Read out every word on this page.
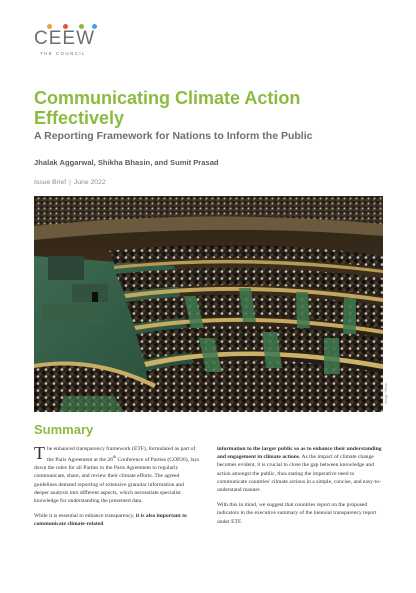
CEEW
THE COUNCIL
Communicating Climate Action Effectively
A Reporting Framework for Nations to Inform the Public
Jhalak Aggarwal, Shikha Bhasin, and Sumit Prasad
Issue Brief | June 2022
Image: iStock
Summary

The enhanced transparency framework (ETF), formulated as part of the Paris Agreement at the 26th Conference of Parties (COP26), lays down the rules for all Parties to the Paris Agreement to regularly communicate, share, and review their climate efforts. The agreed guidelines demand reporting of extensive granular information and deeper analysis into different aspects, which necessitate specialist knowledge for understanding the presented data.

While it is essential to enhance transparency, it is also important to communicate climate-related

information to the larger public so as to enhance their understanding and engagement in climate actions. As the impact of climate change becomes evident, it is crucial to close the gap between knowledge and action amongst the public, thus stating the imperative need to communicate countries' climate actions in a simple, concise, and easy-to-understand manner.

With this in mind, we suggest that countries report on the proposed indicators in the executive summary of the biennial transparency report under ETF.
